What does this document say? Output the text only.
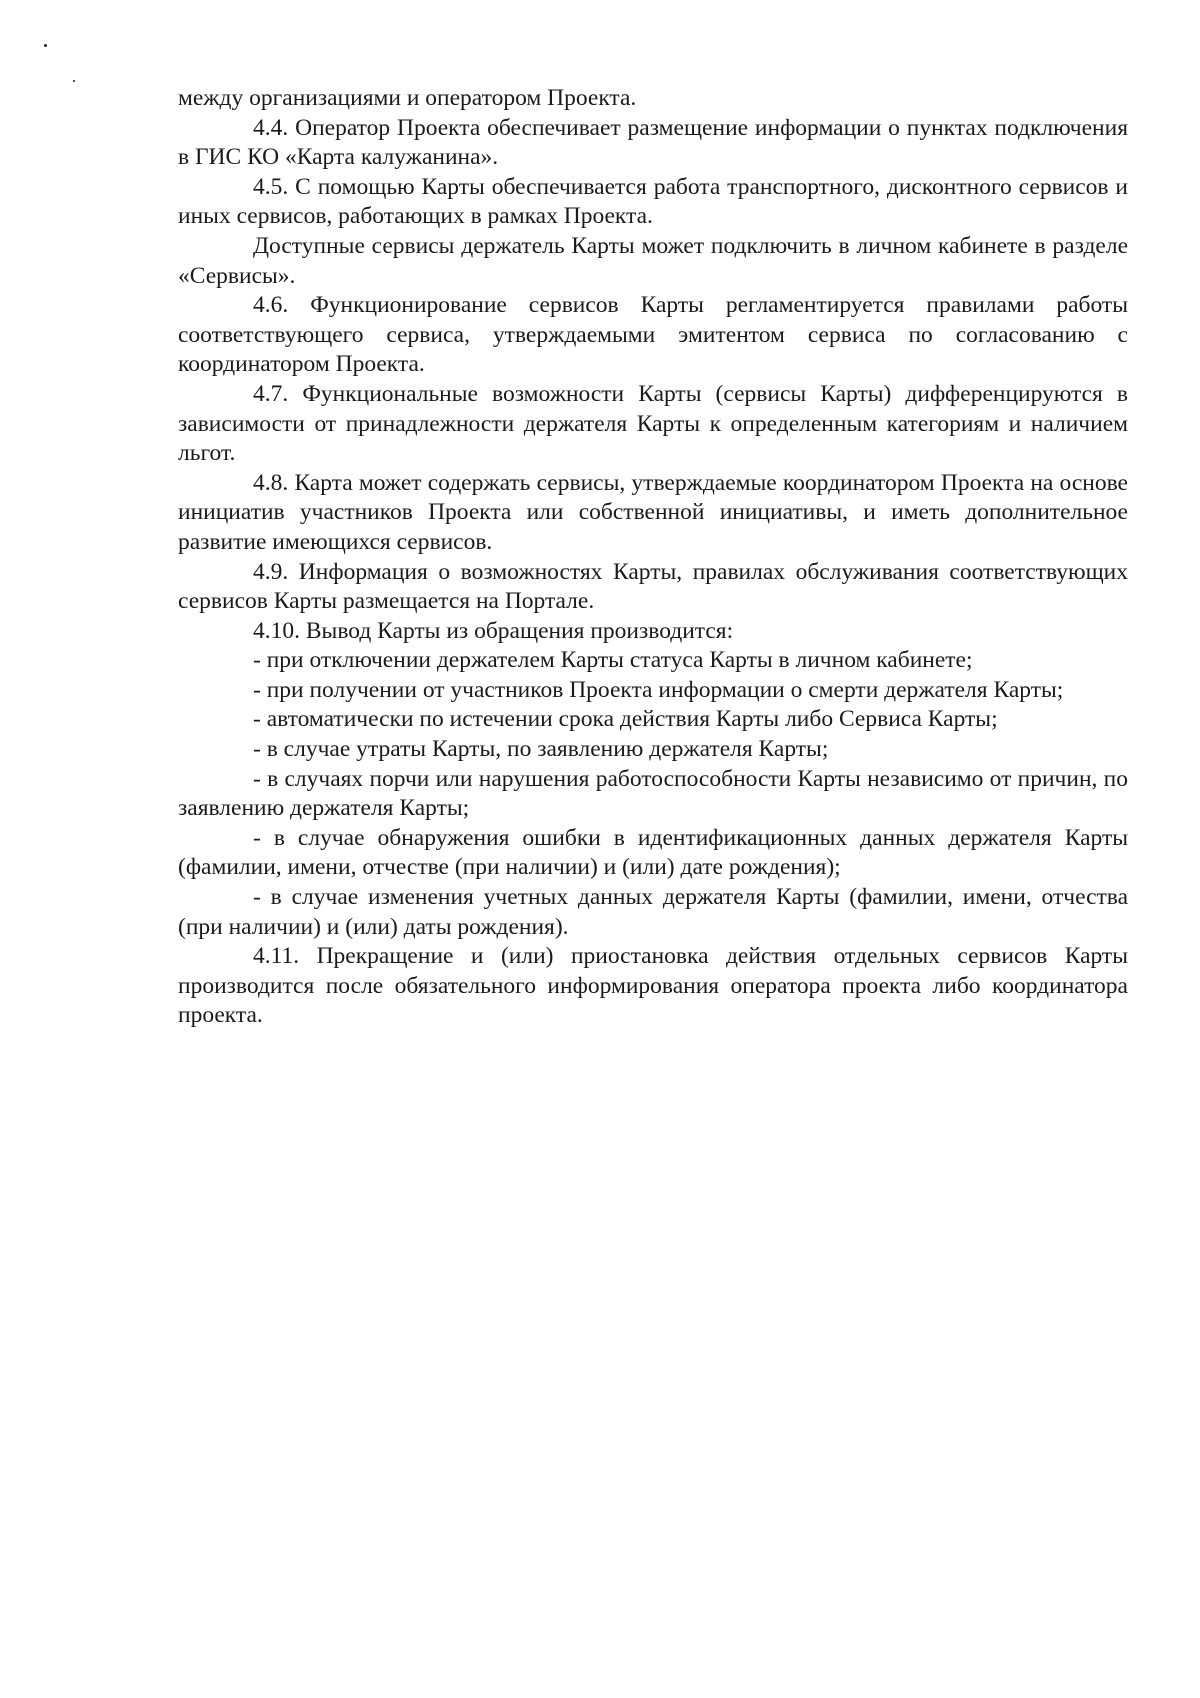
между организациями и оператором Проекта.

4.4. Оператор Проекта обеспечивает размещение информации о пунктах подключения в ГИС КО «Карта калужанина».

4.5. С помощью Карты обеспечивается работа транспортного, дисконтного сервисов и иных сервисов, работающих в рамках Проекта.

Доступные сервисы держатель Карты может подключить в личном кабинете в разделе «Сервисы».

4.6. Функционирование сервисов Карты регламентируется правилами работы соответствующего сервиса, утверждаемыми эмитентом сервиса по согласованию с координатором Проекта.

4.7. Функциональные возможности Карты (сервисы Карты) дифференцируются в зависимости от принадлежности держателя Карты к определенным категориям и наличием льгот.

4.8. Карта может содержать сервисы, утверждаемые координатором Проекта на основе инициатив участников Проекта или собственной инициативы, и иметь дополнительное развитие имеющихся сервисов.

4.9. Информация о возможностях Карты, правилах обслуживания соответствующих сервисов Карты размещается на Портале.

4.10. Вывод Карты из обращения производится:

- при отключении держателем Карты статуса Карты в личном кабинете;

- при получении от участников Проекта информации о смерти держателя Карты;

- автоматически по истечении срока действия Карты либо Сервиса Карты;

- в случае утраты Карты, по заявлению держателя Карты;

- в случаях порчи или нарушения работоспособности Карты независимо от причин, по заявлению держателя Карты;

- в случае обнаружения ошибки в идентификационных данных держателя Карты (фамилии, имени, отчестве (при наличии) и (или) дате рождения);

- в случае изменения учетных данных держателя Карты (фамилии, имени, отчества (при наличии) и (или) даты рождения).

4.11. Прекращение и (или) приостановка действия отдельных сервисов Карты производится после обязательного информирования оператора проекта либо координатора проекта.
